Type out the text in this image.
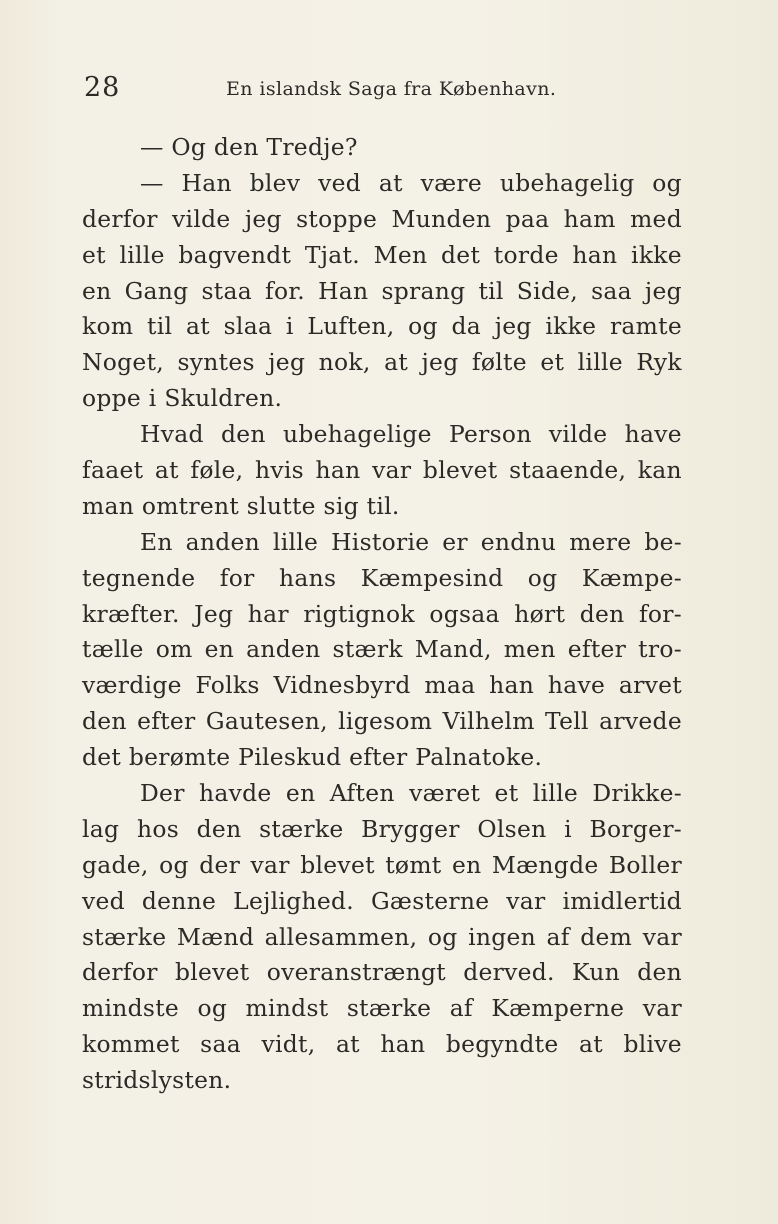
28	En islandsk Saga fra København.
— Og den Tredje?
— Han blev ved at være ubehagelig og
derfor vilde jeg stoppe Munden paa ham med
et lille bagvendt Tjat. Men det torde han ikke
en Gang staa for. Han sprang til Side, saa jeg
kom til at slaa i Luften, og da jeg ikke ramte
Noget, syntes jeg nok, at jeg følte et lille Ryk
oppe i Skuldren.
Hvad den ubehagelige Person vilde have
faaet at føle, hvis han var blevet staaende, kan
man omtrent slutte sig til.
En anden lille Historie er endnu mere be-
tegnende for hans Kæmpesind og Kæmpe-
kræfter. Jeg har rigtignok ogsaa hørt den for-
tælle om en anden stærk Mand, men efter tro-
værdige Folks Vidnesbyrd maa han have arvet
den efter Gautesen, ligesom Vilhelm Tell arvede
det berømte Pileskud efter Palnatoke.
Der havde en Aften været et lille Drikke-
lag hos den stærke Brygger Olsen i Borger-
gade, og der var blevet tømt en Mængde Boller
ved denne Lejlighed. Gæsterne var imidlertid
stærke Mænd allesammen, og ingen af dem var
derfor blevet overanstrængt derved. Kun den
mindste og mindst stærke af Kæmperne var
kommet saa vidt, at han begyndte at blive
stridslysten.
